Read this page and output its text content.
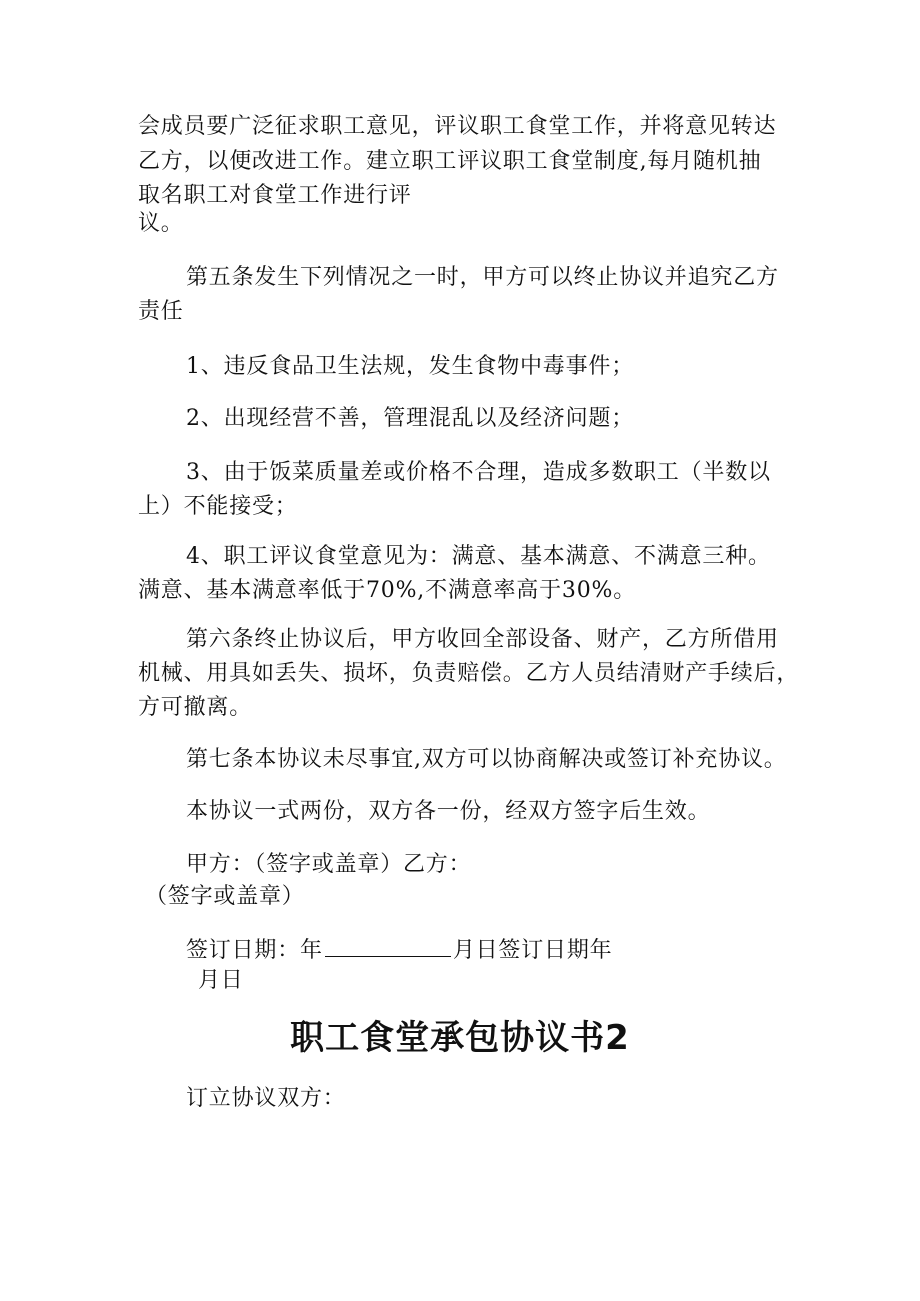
会成员要广泛征求职工意见，评议职工食堂工作，并将意见转达
乙方，以便改进工作。建立职工评议职工食堂制度,每月随机抽
取名职工对食堂工作进行评
议。
第五条发生下列情况之一时，甲方可以终止协议并追究乙方
责任
1、违反食品卫生法规，发生食物中毒事件；
2、出现经营不善，管理混乱以及经济问题；
3、由于饭菜质量差或价格不合理，造成多数职工（半数以
上）不能接受；
4、职工评议食堂意见为：满意、基本满意、不满意三种。
满意、基本满意率低于70%,不满意率高于30%。
第六条终止协议后，甲方收回全部设备、财产，乙方所借用
机械、用具如丢失、损坏，负责赔偿。乙方人员结清财产手续后，
方可撤离。
第七条本协议未尽事宜,双方可以协商解决或签订补充协议。
本协议一式两份，双方各一份，经双方签字后生效。
甲方：（签字或盖章）乙方：
（签字或盖章）
签订日期：年	月日签订日期年
月日
职工食堂承包协议书2
订立协议双方：
